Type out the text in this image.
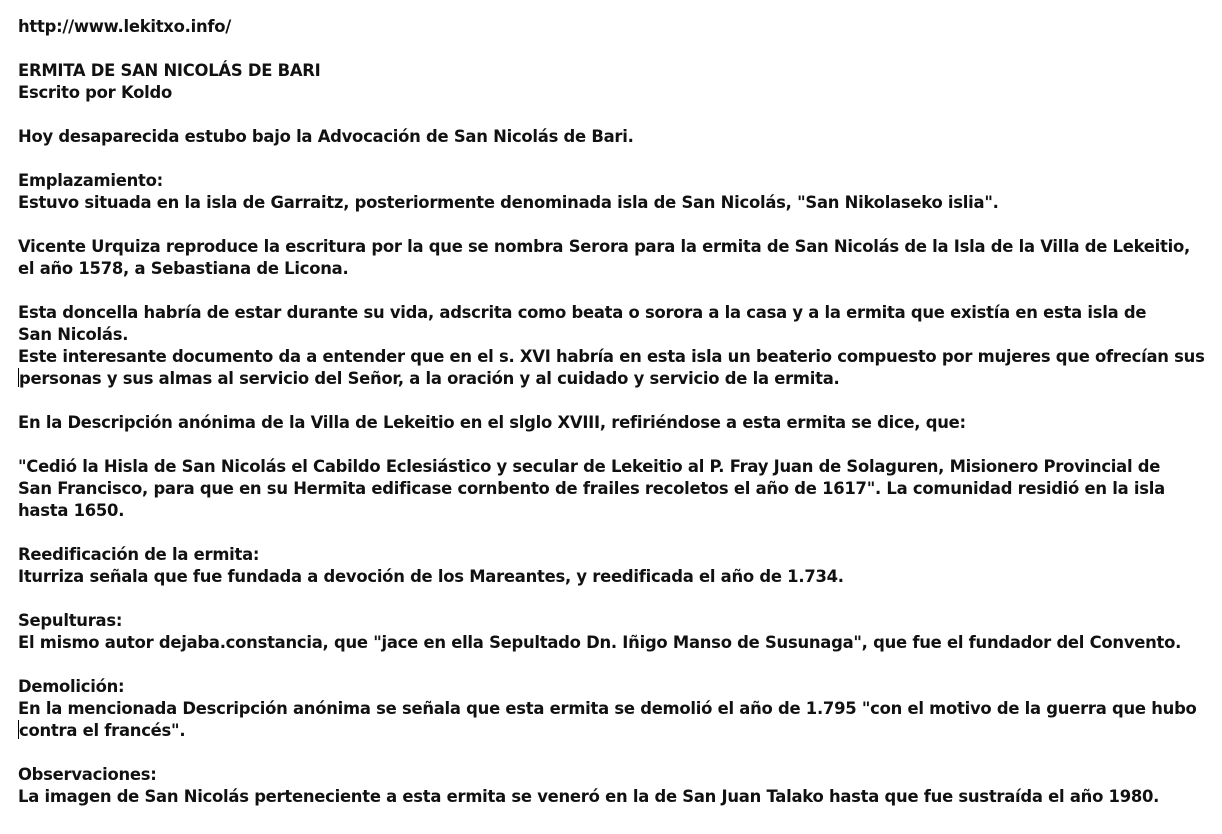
http://www.lekitxo.info/
ERMITA DE SAN NICOLÁS DE BARI
Escrito por Koldo
Hoy desaparecida estubo bajo la Advocación de San Nicolás de Bari.
Emplazamiento:
Estuvo situada en la isla de Garraitz, posteriormente denominada isla de San Nicolás, "San Nikolaseko islia".
Vicente Urquiza reproduce la escritura por la que se nombra Serora para la ermita de San Nicolás de la Isla de la Villa de Lekeitio,
el año 1578, a Sebastiana de Licona.
Esta doncella habría de estar durante su vida, adscrita como beata o sorora a la casa y a la ermita que existía en esta isla de
San Nicolás.
Este interesante documento da a entender que en el s. XVI habría en esta isla un beaterio compuesto por mujeres que ofrecían sus
personas y sus almas al servicio del Señor, a la oración y al cuidado y servicio de la ermita.
En la Descripción anónima de la Villa de Lekeitio en el slglo XVIII, refiriéndose a esta ermita se dice, que:
"Cedió la Hisla de San Nicolás el Cabildo Eclesiástico y secular de Lekeitio al P. Fray Juan de Solaguren, Misionero Provincial de
San Francisco, para que en su Hermita edificase cornbento de frailes recoletos el año de 1617". La comunidad residió en la isla
hasta 1650.
Reedificación de la ermita:
Iturriza señala que fue fundada a devoción de los Mareantes, y reedificada el año de 1.734.
Sepulturas:
El mismo autor dejaba.constancia, que "jace en ella Sepultado Dn. Iñigo Manso de Susunaga", que fue el fundador del Convento.
Demolición:
En la mencionada Descripción anónima se señala que esta ermita se demolió el año de 1.795 "con el motivo de la guerra que hubo
contra el francés".
Observaciones:
La imagen de San Nicolás perteneciente a esta ermita se veneró en la de San Juan Talako hasta que fue sustraída el año 1980.
